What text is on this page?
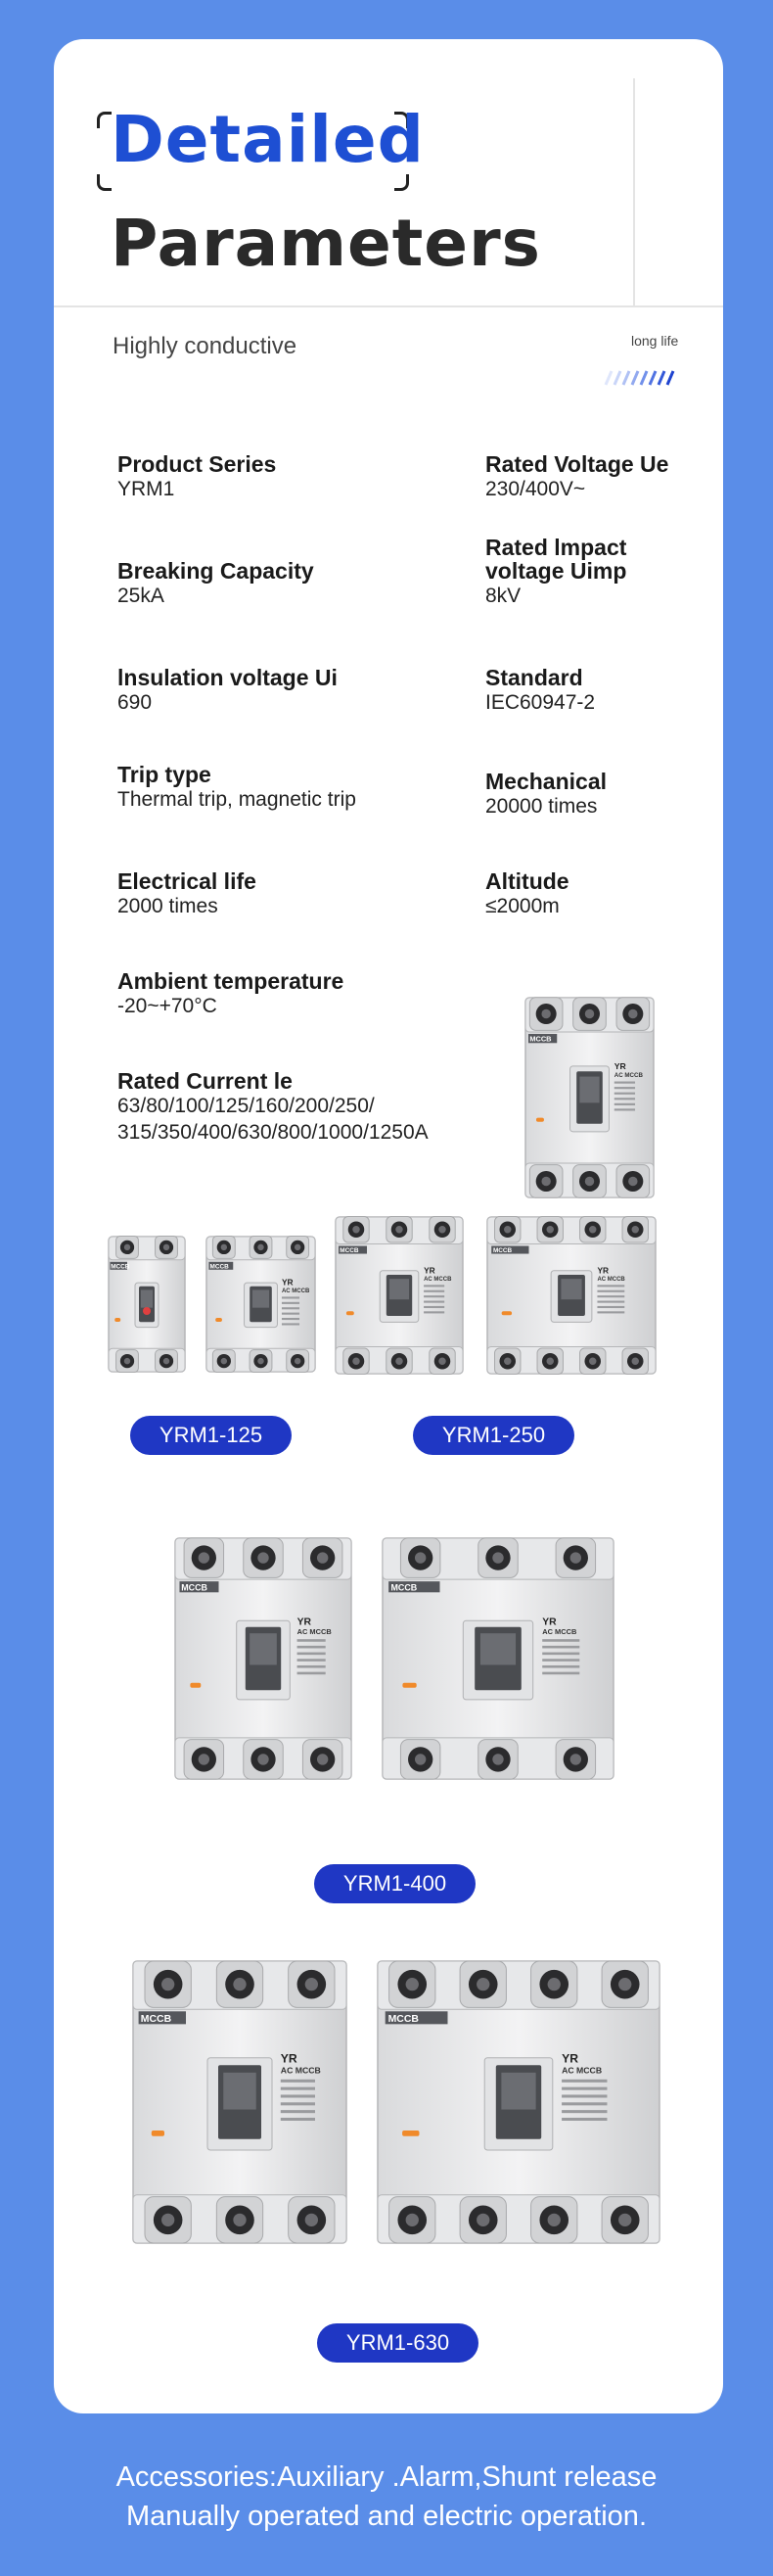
Detailed
Parameters
Highly conductive	long life
Product Series
YRM1
Rated Voltage Ue
230/400V~
Breaking Capacity
25kA
Rated lmpact
voltage Uimp
8kV
lnsulation voltage Ui
690
Standard
IEC60947-2
Trip type
Thermal trip, magnetic trip
Mechanical
20000 times
Electrical life
2000 times
Altitude
≤2000m
Ambient temperature
-20~+70°C
Rated Current le
63/80/100/125/160/200/250/
315/350/400/630/800/1000/1250A
MCCB
YR
AC MCCB
MCCB	MCCB
YR
AC MCCB
MCCB
YR
AC MCCB
MCCB
YR
AC MCCB
YRM1-125	YRM1-250
MCCB
YR
AC MCCB
MCCB
YR
AC MCCB
YRM1-400
MCCB
YR
AC MCCB
MCCB
YR
AC MCCB
YRM1-630
Accessories:Auxiliary .Alarm,Shunt release
Manually operated and electric operation.
